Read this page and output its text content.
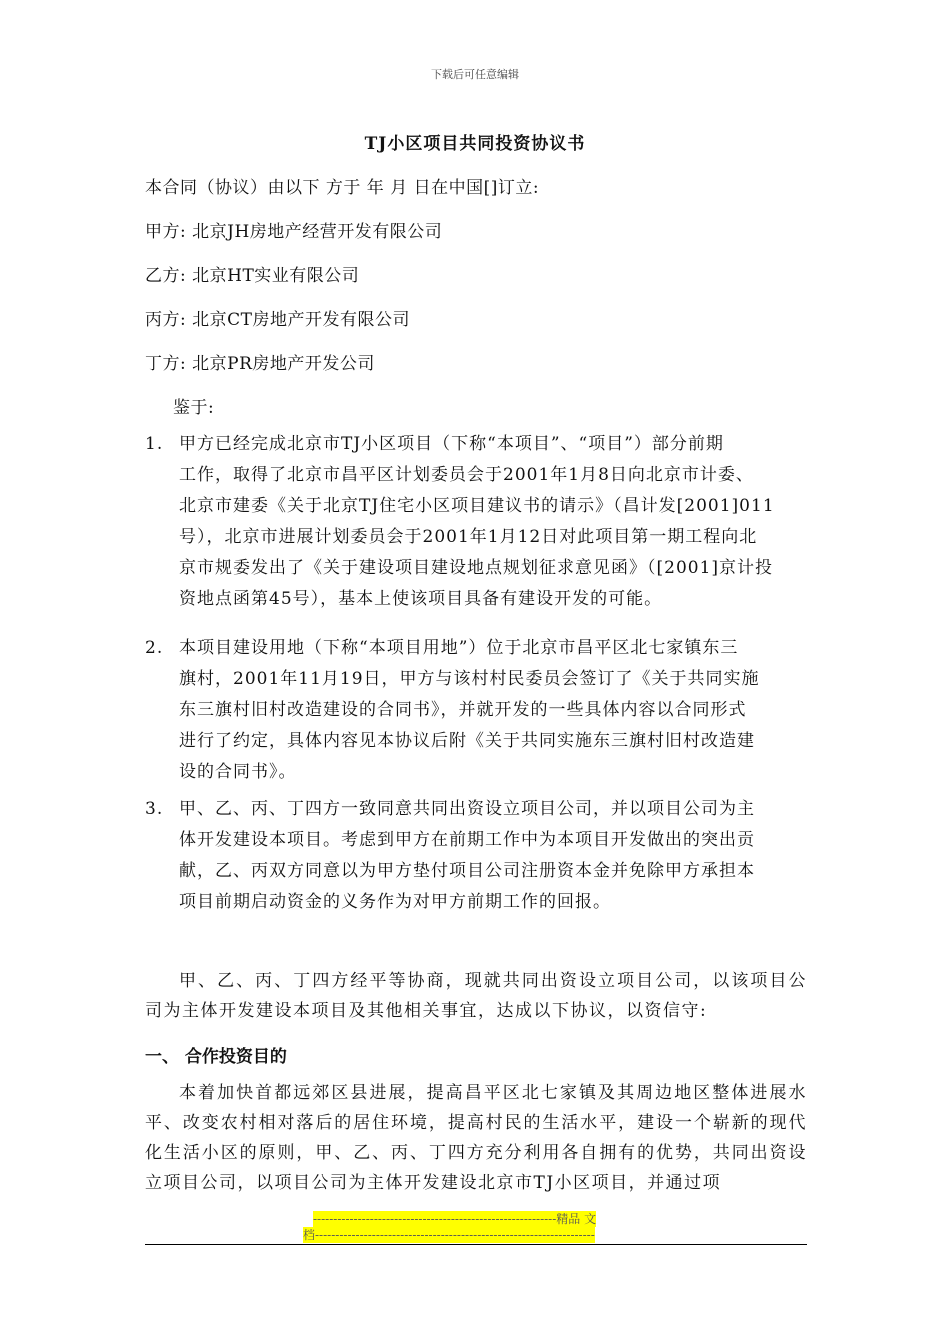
下载后可任意编辑
TJ小区项目共同投资协议书
本合同（协议）由以下 方于 年 月 日在中国[]订立:
甲方: 北京JH房地产经营开发有限公司
乙方: 北京HT实业有限公司
丙方: 北京CT房地产开发有限公司
丁方: 北京PR房地产开发公司
鉴于:
1. 甲方已经完成北京市TJ小区项目（下称“本项目”、“项目”）部分前期
工作，取得了北京市昌平区计划委员会于2001年1月8日向北京市计委、
北京市建委《关于北京TJ住宅小区项目建议书的请示》（昌计发[2001]011
号），北京市进展计划委员会于2001年1月12日对此项目第一期工程向北
京市规委发出了《关于建设项目建设地点规划征求意见函》（[2001]京计投
资地点函第45号），基本上使该项目具备有建设开发的可能。
2. 本项目建设用地（下称“本项目用地”）位于北京市昌平区北七家镇东三
旗村，2001年11月19日，甲方与该村村民委员会签订了《关于共同实施
东三旗村旧村改造建设的合同书》，并就开发的一些具体内容以合同形式
进行了约定，具体内容见本协议后附《关于共同实施东三旗村旧村改造建
设的合同书》。
3. 甲、乙、丙、丁四方一致同意共同出资设立项目公司，并以项目公司为主
体开发建设本项目。考虑到甲方在前期工作中为本项目开发做出的突出贡
献，乙、丙双方同意以为甲方垫付项目公司注册资本金并免除甲方承担本
项目前期启动资金的义务作为对甲方前期工作的回报。
甲、乙、丙、丁四方经平等协商，现就共同出资设立项目公司，以该项目公司为主体开发建设本项目及其他相关事宜，达成以下协议，以资信守:
一、 合作投资目的
本着加快首都远郊区县进展，提高昌平区北七家镇及其周边地区整体进展水平、改变农村相对落后的居住环境，提高村民的生活水平，建设一个崭新的现代化生活小区的原则，甲、乙、丙、丁四方充分利用各自拥有的优势，共同出资设立项目公司，以项目公司为主体开发建设北京市TJ小区项目，并通过项
------------------------------------------------------------精品 文
档---------------------------------------------------------------------
